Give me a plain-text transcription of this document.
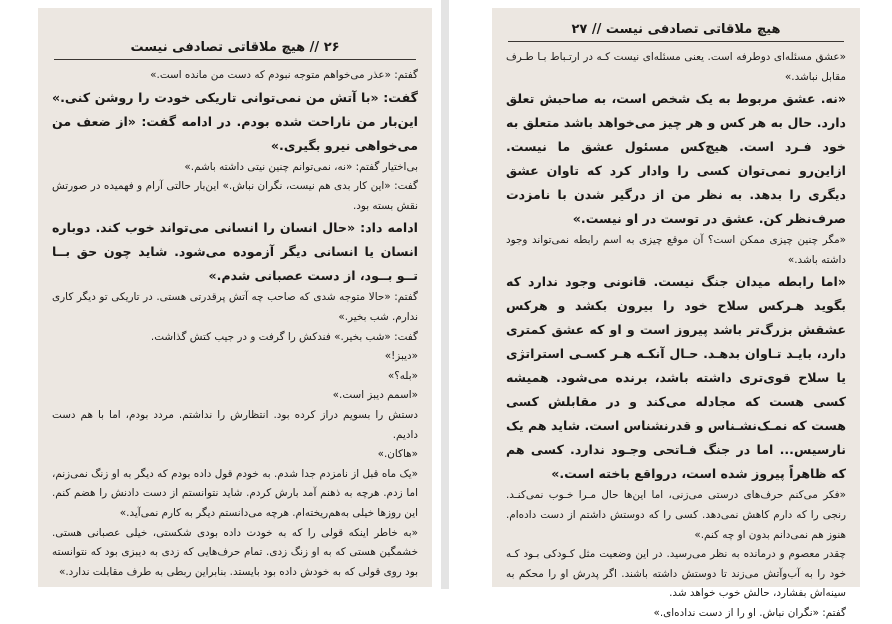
۲۶ // هیچ ملاقاتی تصادفی نیست

گفتم: «عذر می‌خواهم متوجه نبودم که دست من مانده است.»

گفت: «با آتش من نمی‌توانی تاریکی خودت را روشن کنی.» این‌بار من ناراحت شده بودم. در ادامه گفت: «از ضعف من می‌خواهی نیرو بگیری.»

بی‌اختیار گفتم: «نه، نمی‌توانم چنین نیتی داشته باشم.»

گفت: «این کار بدی هم نیست، نگران نباش.» این‌بار حالتی آرام و فهمیده در صورتش نقش بسته بود.

ادامه داد: «حال انسان را انسانی می‌تواند خوب کند. دوباره انسان یا انسانی دیگر آزموده می‌شود. شاید چون حق بــا تــو بــود، از دست عصبانی شدم.»

گفتم: «حالا متوجه شدی که صاحب چه آتش پرقدرتی هستی. در تاریکی تو دیگر کاری ندارم. شب بخیر.»

گفت: «شب بخیر.» فندکش را گرفت و در جیب کتش گذاشت.

«دیبز!»

«بله؟»

«اسمم دیبز است.»

دستش را بسویم دراز کرده بود. انتظارش را نداشتم. مردد بودم، اما با هم دست دادیم.

«هاکان.»

«یک ماه قبل از نامزدم جدا شدم. به خودم قول داده بودم که دیگر به او زنگ نمی‌زنم، اما زدم. هرچه به ذهنم آمد بارش کردم. شاید نتوانستم از دست دادنش را هضم کنم. این روزها خیلی به‌هم‌ریخته‌ام. هرچه می‌دانستم دیگر به کارم نمی‌آید.»

«به خاطر اینکه قولی را که به خودت داده بودی شکستی، خیلی عصبانی هستی. خشمگین هستی که به او زنگ زدی. تمام حرف‌هایی که زدی به دیبزی بود که نتوانسته بود روی قولی که به خودش داده بود بایستد. بنابراین ربطی به طرف مقابلت ندارد.»

هیچ ملاقاتی تصادفی نیست // ۲۷

«عشق مسئله‌ای دوطرفه است. یعنی مسئله‌ای نیست کـه در ارتـباط بـا طـرف مقابل نباشد.»

«نه. عشق مربوط به یک شخص است، به صاحبش تعلق دارد. حال به هر کس و هر چیز می‌خواهد باشد متعلق به خود فـرد است. هیچ‌کس مسئول عشق ما نیست. ازاین‌رو نمی‌توان کسی را وادار کرد که تاوان عشق دیگری را بدهد. به نظر من از درگیر شدن با نامزدت صرف‌نظر کن. عشق در توست در او نیست.»

«مگر چنین چیزی ممکن است؟ آن موقع چیزی به اسم رابطه نمی‌تواند وجود داشته باشد.»

«اما رابطه میدان جنگ نیست. قانونی وجود ندارد که بگوید هـرکس سلاح خود را بیرون بکشد و هرکس عشقش بزرگ‌تر باشد پیروز است و او که عشق کمتری دارد، بایـد تـاوان بدهـد. حـال آنکـه هـر کسـی استراتژی یا سلاح قوی‌تری داشته باشد، برنده می‌شود. همیشه کسی هست که مجادله می‌کند و در مقابلش کسی هست که نمـک‌نشـناس و قدرنشناس است. شاید هم یک نارسیس... اما در جنگ فـاتحی وجـود ندارد. کسی هم که ظاهراً پیروز شده است، درواقع باخته است.»

«فکر می‌کنم حرف‌های درستی می‌زنی، اما این‌ها حال مـرا خـوب نمی‌کنـد. رنجی را که دارم کاهش نمی‌دهد. کسی را که دوستش داشتم از دست داده‌ام. هنوز هم نمی‌دانم بدون او چه کنم.»

چقدر معصوم و درمانده به نظر می‌رسید. در این وضعیت مثل کـودکی بـود کـه خود را به آب‌وآتش می‌زند تا دوستش داشته باشند. اگر پدرش او را محکم به سینه‌اش بفشارد، حالش خوب خواهد شد.

گفتم: «نگران نباش. او را از دست نداده‌ای.»
